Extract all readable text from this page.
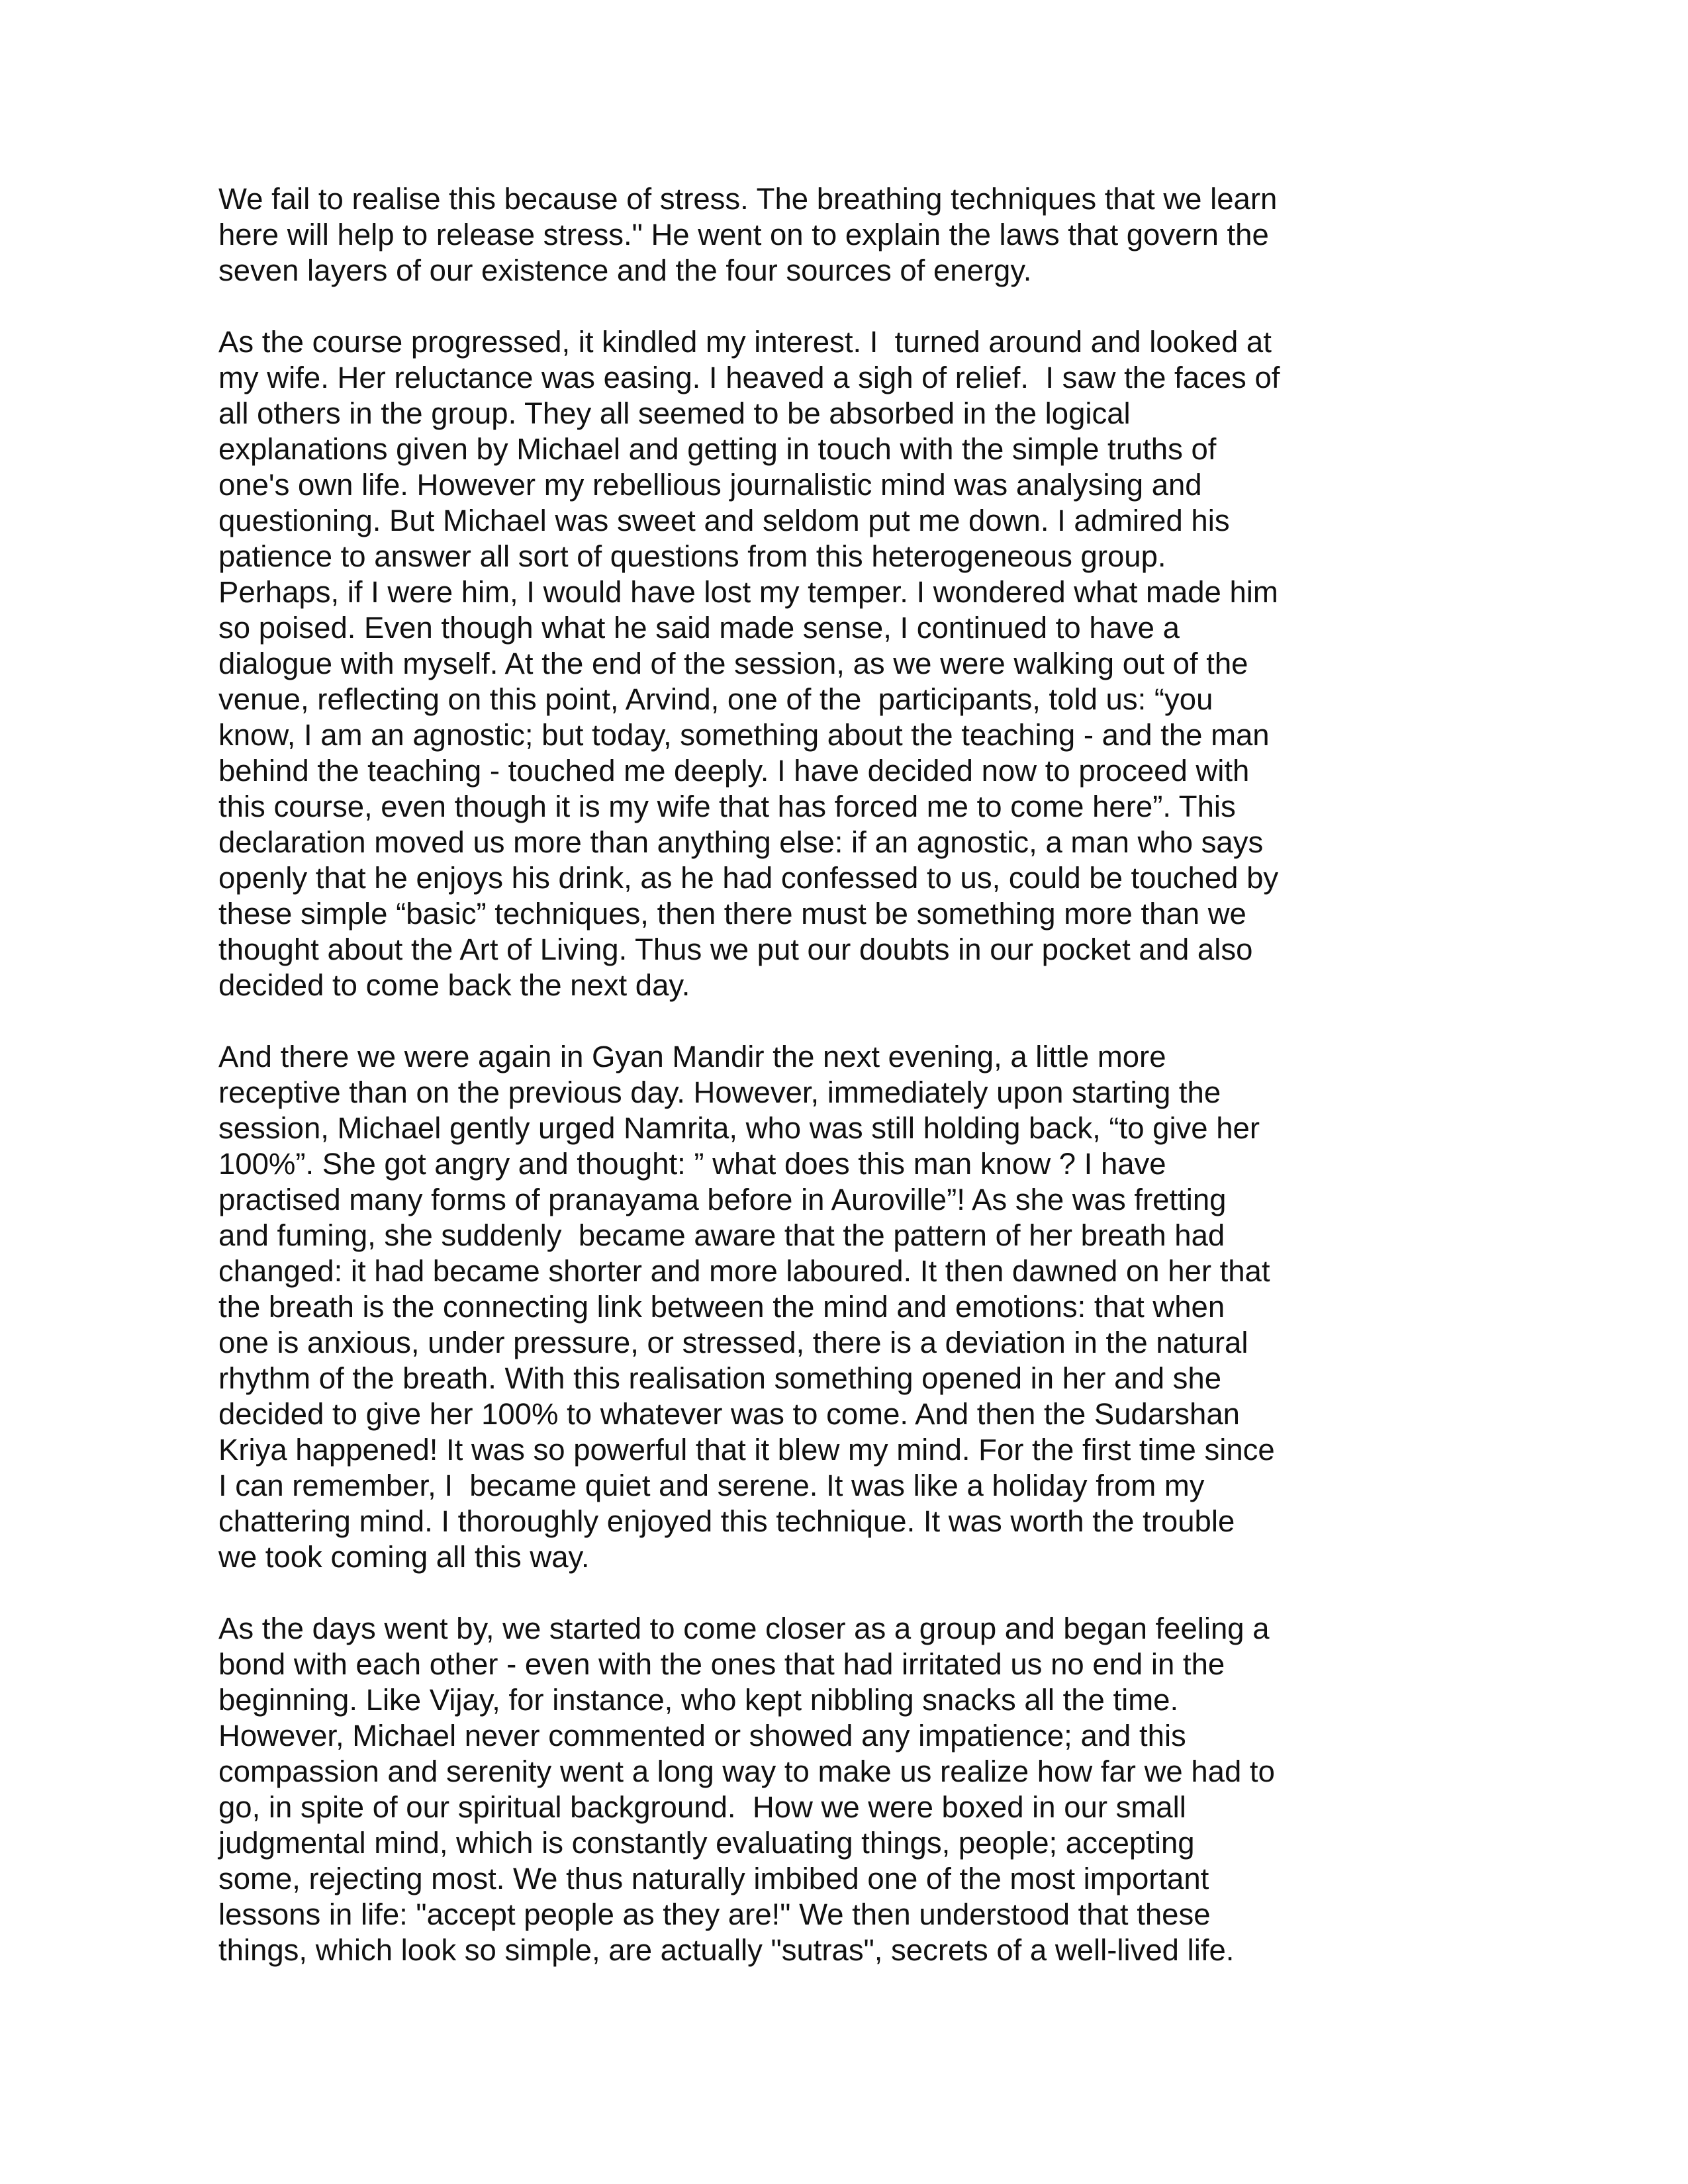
We fail to realise this because of stress. The breathing techniques that we learn
here will help to release stress." He went on to explain the laws that govern the
seven layers of our existence and the four sources of energy.

As the course progressed, it kindled my interest. I  turned around and looked at
my wife. Her reluctance was easing. I heaved a sigh of relief.  I saw the faces of
all others in the group. They all seemed to be absorbed in the logical
explanations given by Michael and getting in touch with the simple truths of
one's own life. However my rebellious journalistic mind was analysing and
questioning. But Michael was sweet and seldom put me down. I admired his
patience to answer all sort of questions from this heterogeneous group.
Perhaps, if I were him, I would have lost my temper. I wondered what made him
so poised. Even though what he said made sense, I continued to have a
dialogue with myself. At the end of the session, as we were walking out of the
venue, reflecting on this point, Arvind, one of the  participants, told us: “you
know, I am an agnostic; but today, something about the teaching - and the man
behind the teaching - touched me deeply. I have decided now to proceed with
this course, even though it is my wife that has forced me to come here”. This
declaration moved us more than anything else: if an agnostic, a man who says
openly that he enjoys his drink, as he had confessed to us, could be touched by
these simple “basic” techniques, then there must be something more than we
thought about the Art of Living. Thus we put our doubts in our pocket and also
decided to come back the next day.

And there we were again in Gyan Mandir the next evening, a little more
receptive than on the previous day. However, immediately upon starting the
session, Michael gently urged Namrita, who was still holding back, “to give her
100%”. She got angry and thought: ” what does this man know ? I have
practised many forms of pranayama before in Auroville”! As she was fretting
and fuming, she suddenly  became aware that the pattern of her breath had
changed: it had became shorter and more laboured. It then dawned on her that
the breath is the connecting link between the mind and emotions: that when
one is anxious, under pressure, or stressed, there is a deviation in the natural
rhythm of the breath. With this realisation something opened in her and she
decided to give her 100% to whatever was to come. And then the Sudarshan
Kriya happened! It was so powerful that it blew my mind. For the first time since
I can remember, I  became quiet and serene. It was like a holiday from my
chattering mind. I thoroughly enjoyed this technique. It was worth the trouble
we took coming all this way.

As the days went by, we started to come closer as a group and began feeling a
bond with each other - even with the ones that had irritated us no end in the
beginning. Like Vijay, for instance, who kept nibbling snacks all the time.
However, Michael never commented or showed any impatience; and this
compassion and serenity went a long way to make us realize how far we had to
go, in spite of our spiritual background.  How we were boxed in our small
judgmental mind, which is constantly evaluating things, people; accepting
some, rejecting most. We thus naturally imbibed one of the most important
lessons in life: "accept people as they are!" We then understood that these
things, which look so simple, are actually "sutras", secrets of a well-lived life.
